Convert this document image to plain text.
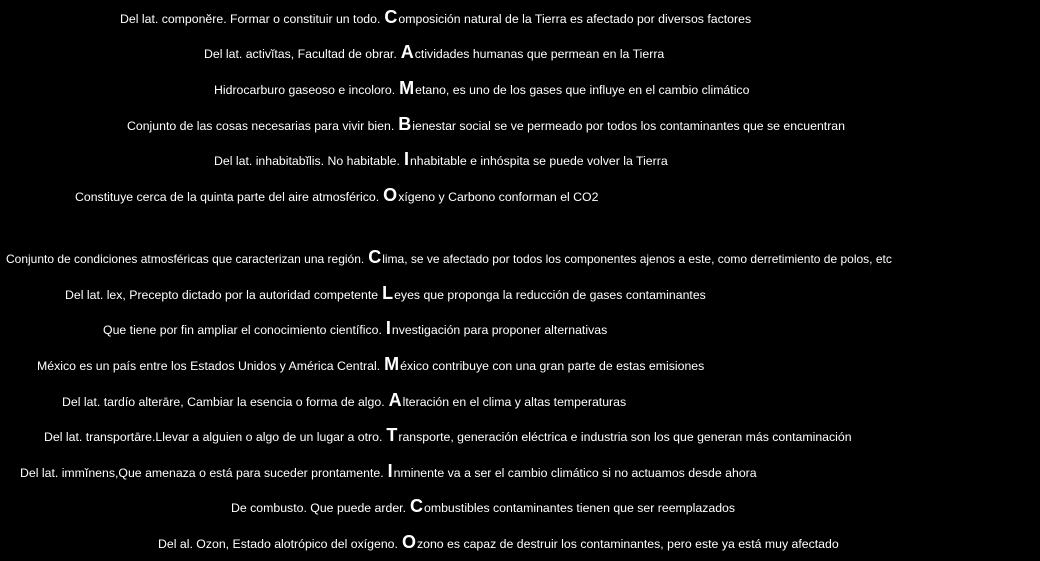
Del lat. componĕre. Formar o constituir un todo. Composición natural de la Tierra es afectado por diversos factores
Del lat. activĭtas, Facultad de obrar. Actividades humanas que permean en la Tierra
Hidrocarburo gaseoso e incoloro. Metano, es uno de los gases que influye en el cambio climático
Conjunto de las cosas necesarias para vivir bien. Bienestar social se ve permeado por todos los contaminantes que se encuentran
Del lat. inhabitabĭlis. No habitable. Inhabitable e inhóspita se puede volver la Tierra
Constituye cerca de la quinta parte del aire atmosférico. Oxígeno y Carbono conforman el CO2
Conjunto de condiciones atmosféricas que caracterizan una región. Clima, se ve afectado por todos los componentes ajenos a este, como derretimiento de polos, etc
Del lat. lex, Precepto dictado por la autoridad competente Leyes que proponga la reducción de gases contaminantes
Que tiene por fin ampliar el conocimiento científico. Investigación para proponer alternativas
México es un país entre los Estados Unidos y América Central. México contribuye con una gran parte de estas emisiones
Del lat. tardío alterāre, Cambiar la esencia o forma de algo. Alteración en el clima y altas temperaturas
Del lat. transportāre.Llevar a alguien o algo de un lugar a otro. Transporte, generación eléctrica e industria son los que generan más contaminación
Del lat. immĭnens,Que amenaza o está para suceder prontamente. Inminente va a ser el cambio climático si no actuamos desde ahora
De combusto. Que puede arder. Combustibles contaminantes tienen que ser reemplazados
Del al. Ozon, Estado alotrópico del oxígeno. Ozono es capaz de destruir los contaminantes, pero este ya está muy afectado
